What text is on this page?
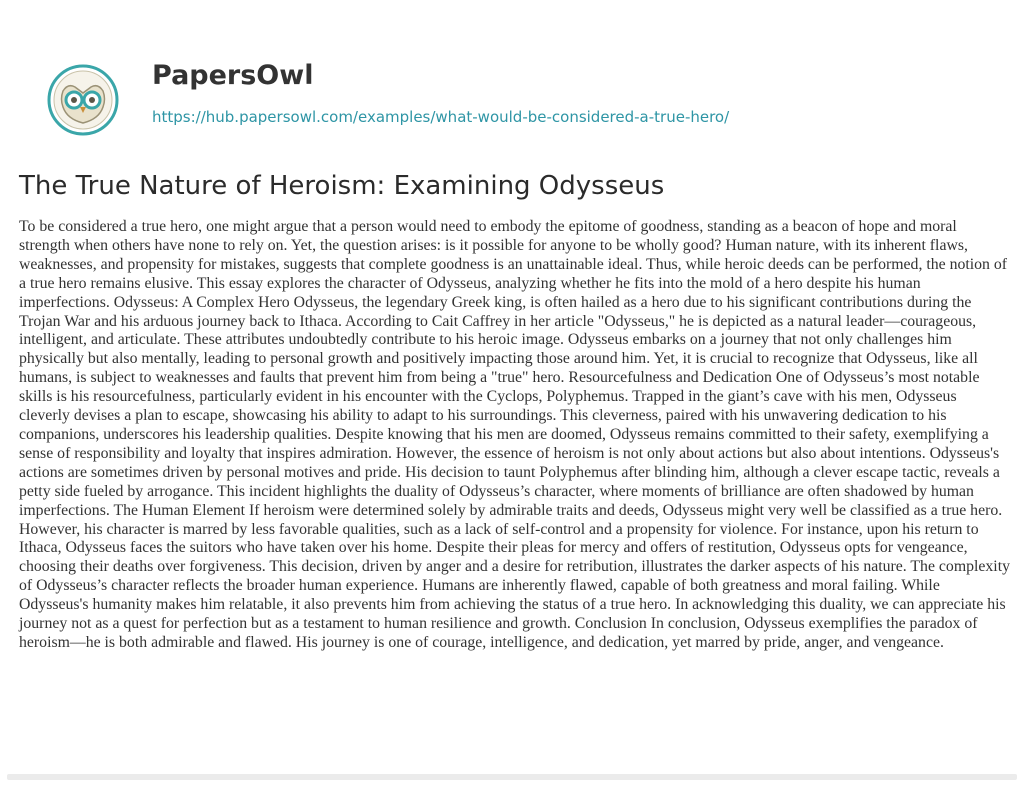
PapersOwl
https://hub.papersowl.com/examples/what-would-be-considered-a-true-hero/
The True Nature of Heroism: Examining Odysseus

To be considered a true hero, one might argue that a person would need to embody the epitome of goodness, standing as a beacon of hope and moral strength when others have none to rely on. Yet, the question arises: is it possible for anyone to be wholly good? Human nature, with its inherent flaws, weaknesses, and propensity for mistakes, suggests that complete goodness is an unattainable ideal. Thus, while heroic deeds can be performed, the notion of a true hero remains elusive. This essay explores the character of Odysseus, analyzing whether he fits into the mold of a hero despite his human imperfections. Odysseus: A Complex Hero Odysseus, the legendary Greek king, is often hailed as a hero due to his significant contributions during the Trojan War and his arduous journey back to Ithaca. According to Cait Caffrey in her article "Odysseus," he is depicted as a natural leader—courageous, intelligent, and articulate. These attributes undoubtedly contribute to his heroic image. Odysseus embarks on a journey that not only challenges him physically but also mentally, leading to personal growth and positively impacting those around him. Yet, it is crucial to recognize that Odysseus, like all humans, is subject to weaknesses and faults that prevent him from being a "true" hero. Resourcefulness and Dedication One of Odysseus’s most notable skills is his resourcefulness, particularly evident in his encounter with the Cyclops, Polyphemus. Trapped in the giant’s cave with his men, Odysseus cleverly devises a plan to escape, showcasing his ability to adapt to his surroundings. This cleverness, paired with his unwavering dedication to his companions, underscores his leadership qualities. Despite knowing that his men are doomed, Odysseus remains committed to their safety, exemplifying a sense of responsibility and loyalty that inspires admiration. However, the essence of heroism is not only about actions but also about intentions. Odysseus's actions are sometimes driven by personal motives and pride. His decision to taunt Polyphemus after blinding him, although a clever escape tactic, reveals a petty side fueled by arrogance. This incident highlights the duality of Odysseus’s character, where moments of brilliance are often shadowed by human imperfections. The Human Element If heroism were determined solely by admirable traits and deeds, Odysseus might very well be classified as a true hero. However, his character is marred by less favorable qualities, such as a lack of self-control and a propensity for violence. For instance, upon his return to Ithaca, Odysseus faces the suitors who have taken over his home. Despite their pleas for mercy and offers of restitution, Odysseus opts for vengeance, choosing their deaths over forgiveness. This decision, driven by anger and a desire for retribution, illustrates the darker aspects of his nature. The complexity of Odysseus’s character reflects the broader human experience. Humans are inherently flawed, capable of both greatness and moral failing. While Odysseus's humanity makes him relatable, it also prevents him from achieving the status of a true hero. In acknowledging this duality, we can appreciate his journey not as a quest for perfection but as a testament to human resilience and growth. Conclusion In conclusion, Odysseus exemplifies the paradox of heroism—he is both admirable and flawed. His journey is one of courage, intelligence, and dedication, yet marred by pride, anger, and vengeance.
